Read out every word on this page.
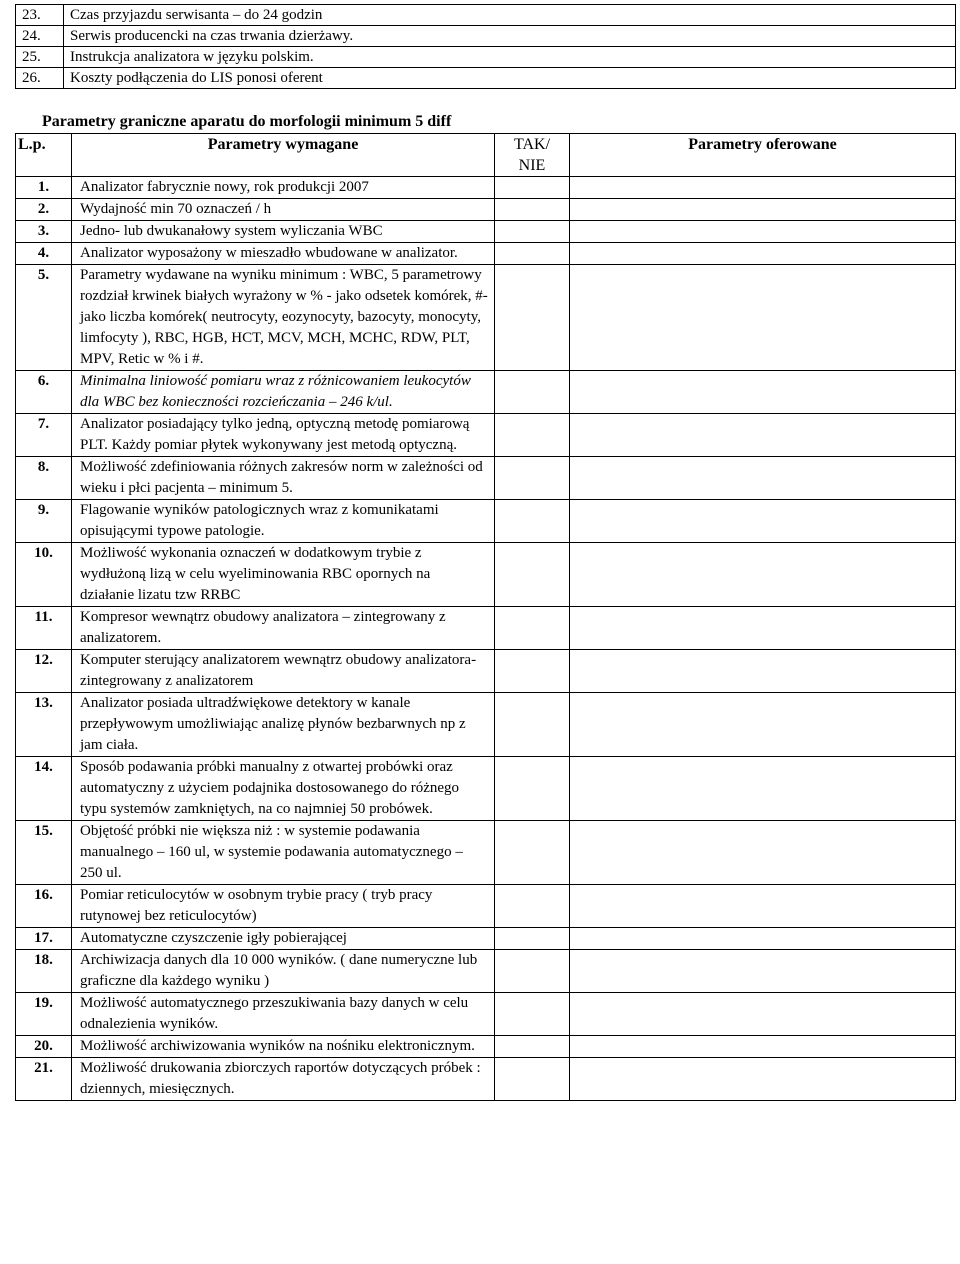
23.	Czas przyjazdu serwisanta – do 24 godzin
24.	Serwis producencki na czas trwania dzierżawy.
25.	Instrukcja analizatora w języku polskim.
26.	Koszty podłączenia do LIS ponosi oferent

Parametry graniczne aparatu do morfologii minimum 5 diff

L.p.	Parametry wymagane	TAK/ NIE	Parametry oferowane
1.	Analizator fabrycznie nowy, rok produkcji 2007		
2.	Wydajność min 70 oznaczeń / h		
3.	Jedno- lub dwukanałowy system wyliczania WBC		
4.	Analizator wyposażony w mieszadło wbudowane w analizator.		
5.	Parametry wydawane na wyniku minimum : WBC, 5 parametrowy rozdział krwinek białych wyrażony w % - jako odsetek komórek, #- jako liczba komórek( neutrocyty, eozynocyty, bazocyty, monocyty, limfocyty ), RBC, HGB, HCT, MCV, MCH, MCHC, RDW, PLT, MPV, Retic w % i #.		
6.	Minimalna liniowość pomiaru wraz z różnicowaniem leukocytów dla WBC bez konieczności rozcieńczania – 246 k/ul.		
7.	Analizator posiadający tylko jedną, optyczną metodę pomiarową PLT. Każdy pomiar płytek wykonywany jest metodą optyczną.		
8.	Możliwość zdefiniowania różnych zakresów norm w zależności od wieku i płci pacjenta – minimum 5.		
9.	Flagowanie wyników patologicznych wraz z komunikatami opisującymi typowe patologie.		
10.	Możliwość wykonania oznaczeń w dodatkowym trybie z wydłużoną lizą w celu wyeliminowania RBC opornych na działanie lizatu tzw RRBC		
11.	Kompresor wewnątrz obudowy analizatora – zintegrowany z analizatorem.		
12.	Komputer sterujący analizatorem wewnątrz obudowy analizatora- zintegrowany z analizatorem		
13.	Analizator posiada ultradźwiękowe detektory w kanale przepływowym umożliwiając analizę płynów bezbarwnych np z jam ciała.		
14.	Sposób podawania próbki manualny z otwartej probówki oraz automatyczny z użyciem podajnika dostosowanego do różnego typu systemów zamkniętych, na co najmniej 50 probówek.		
15.	Objętość próbki nie większa niż : w systemie podawania manualnego – 160 ul, w systemie podawania automatycznego – 250 ul.		
16.	Pomiar reticulocytów w osobnym trybie pracy ( tryb pracy rutynowej bez reticulocytów)		
17.	Automatyczne czyszczenie igły pobierającej		
18.	Archiwizacja danych dla 10 000 wyników. ( dane numeryczne lub graficzne dla każdego wyniku )		
19.	Możliwość automatycznego przeszukiwania bazy danych w celu odnalezienia wyników.		
20.	Możliwość archiwizowania wyników na nośniku elektronicznym.		
21.	Możliwość drukowania zbiorczych raportów dotyczących próbek : dziennych, miesięcznych.		
